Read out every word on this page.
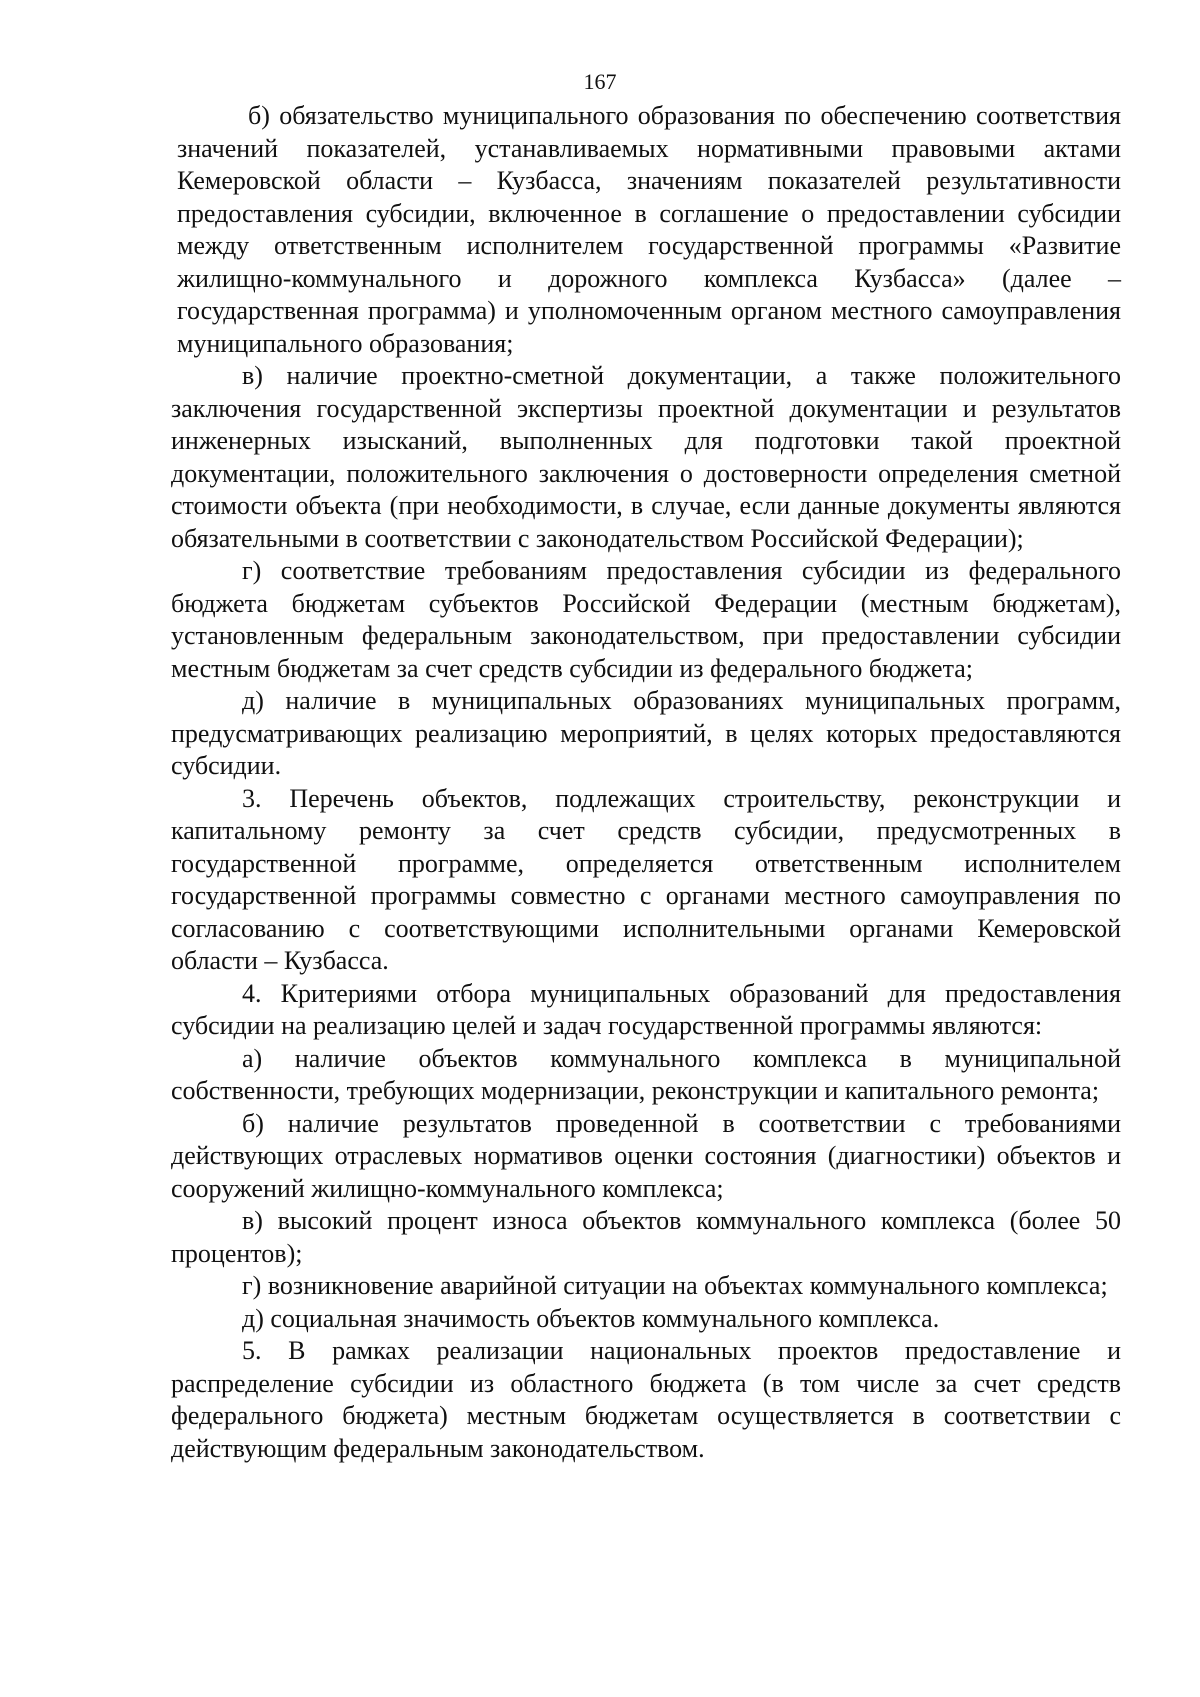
167

б) обязательство муниципального образования по обеспечению соответствия значений показателей, устанавливаемых нормативными правовыми актами Кемеровской области – Кузбасса, значениям показателей результативности предоставления субсидии, включенное в соглашение о предоставлении субсидии между ответственным исполнителем государственной программы «Развитие жилищно-коммунального и дорожного комплекса Кузбасса» (далее – государственная программа) и уполномоченным органом местного самоуправления муниципального образования;

в) наличие проектно-сметной документации, а также положительного заключения государственной экспертизы проектной документации и результатов инженерных изысканий, выполненных для подготовки такой проектной документации, положительного заключения о достоверности определения сметной стоимости объекта (при необходимости, в случае, если данные документы являются обязательными в соответствии с законодательством Российской Федерации);

г) соответствие требованиям предоставления субсидии из федерального бюджета бюджетам субъектов Российской Федерации (местным бюджетам), установленным федеральным законодательством, при предоставлении субсидии местным бюджетам за счет средств субсидии из федерального бюджета;

д) наличие в муниципальных образованиях муниципальных программ, предусматривающих реализацию мероприятий, в целях которых предоставляются субсидии.

3. Перечень объектов, подлежащих строительству, реконструкции и капитальному ремонту за счет средств субсидии, предусмотренных в государственной программе, определяется ответственным исполнителем государственной программы совместно с органами местного самоуправления по согласованию с соответствующими исполнительными органами Кемеровской области – Кузбасса.

4. Критериями отбора муниципальных образований для предоставления субсидии на реализацию целей и задач государственной программы являются:

а) наличие объектов коммунального комплекса в муниципальной собственности, требующих модернизации, реконструкции и капитального ремонта;

б) наличие результатов проведенной в соответствии с требованиями действующих отраслевых нормативов оценки состояния (диагностики) объектов и сооружений жилищно-коммунального комплекса;

в) высокий процент износа объектов коммунального комплекса (более 50 процентов);

г) возникновение аварийной ситуации на объектах коммунального комплекса;

д) социальная значимость объектов коммунального комплекса.

5. В рамках реализации национальных проектов предоставление и распределение субсидии из областного бюджета (в том числе за счет средств федерального бюджета) местным бюджетам осуществляется в соответствии с действующим федеральным законодательством.
